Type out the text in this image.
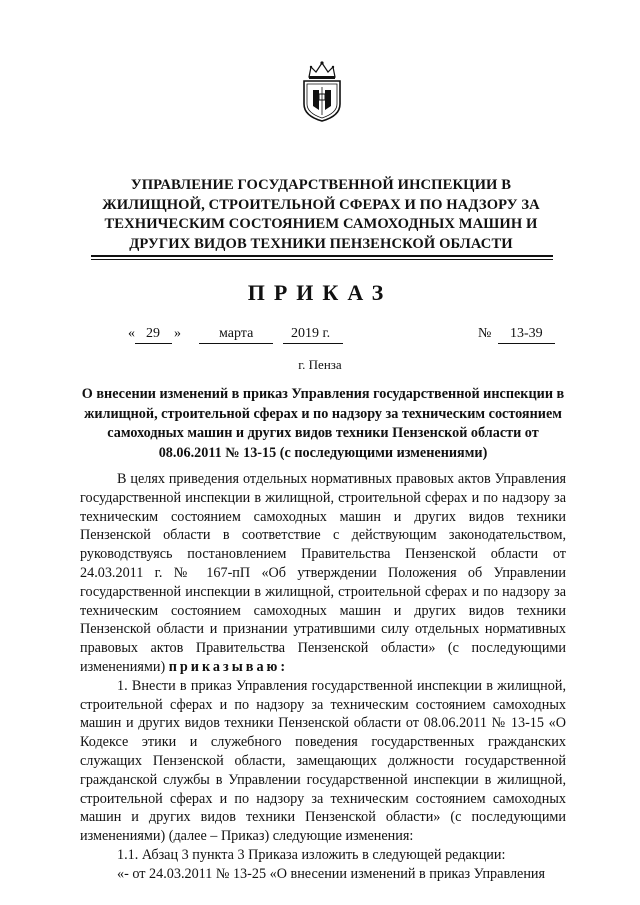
УПРАВЛЕНИЕ ГОСУДАРСТВЕННОЙ ИНСПЕКЦИИ В ЖИЛИЩНОЙ, СТРОИТЕЛЬНОЙ СФЕРАХ И ПО НАДЗОРУ ЗА ТЕХНИЧЕСКИМ СОСТОЯНИЕМ САМОХОДНЫХ МАШИН И ДРУГИХ ВИДОВ ТЕХНИКИ ПЕНЗЕНСКОЙ ОБЛАСТИ
ПРИКАЗ
« 29 »	марта	2019 г.	№ 13-39
г. Пенза
О внесении изменений в приказ Управления государственной инспекции в жилищной, строительной сферах и по надзору за техническим состоянием самоходных машин и других видов техники Пензенской области от 08.06.2011 № 13-15 (с последующими изменениями)

В целях приведения отдельных нормативных правовых актов Управления государственной инспекции в жилищной, строительной сферах и по надзору за техническим состоянием самоходных машин и других видов техники Пензенской области в соответствие с действующим законодательством, руководствуясь постановлением Правительства Пензенской области от 24.03.2011 г. № 167-пП «Об утверждении Положения об Управлении государственной инспекции в жилищной, строительной сферах и по надзору за техническим состоянием самоходных машин и других видов техники Пензенской области и признании утратившими силу отдельных нормативных правовых актов Правительства Пензенской области» (с последующими изменениями) приказываю:

1. Внести в приказ Управления государственной инспекции в жилищной, строительной сферах и по надзору за техническим состоянием самоходных машин и других видов техники Пензенской области от 08.06.2011 № 13-15 «О Кодексе этики и служебного поведения государственных гражданских служащих Пензенской области, замещающих должности государственной гражданской службы в Управлении государственной инспекции в жилищной, строительной сферах и по надзору за техническим состоянием самоходных машин и других видов техники Пензенской области» (с последующими изменениями) (далее – Приказ) следующие изменения:

1.1. Абзац 3 пункта 3 Приказа изложить в следующей редакции:

«- от 24.03.2011 № 13-25 «О внесении изменений в приказ Управления
